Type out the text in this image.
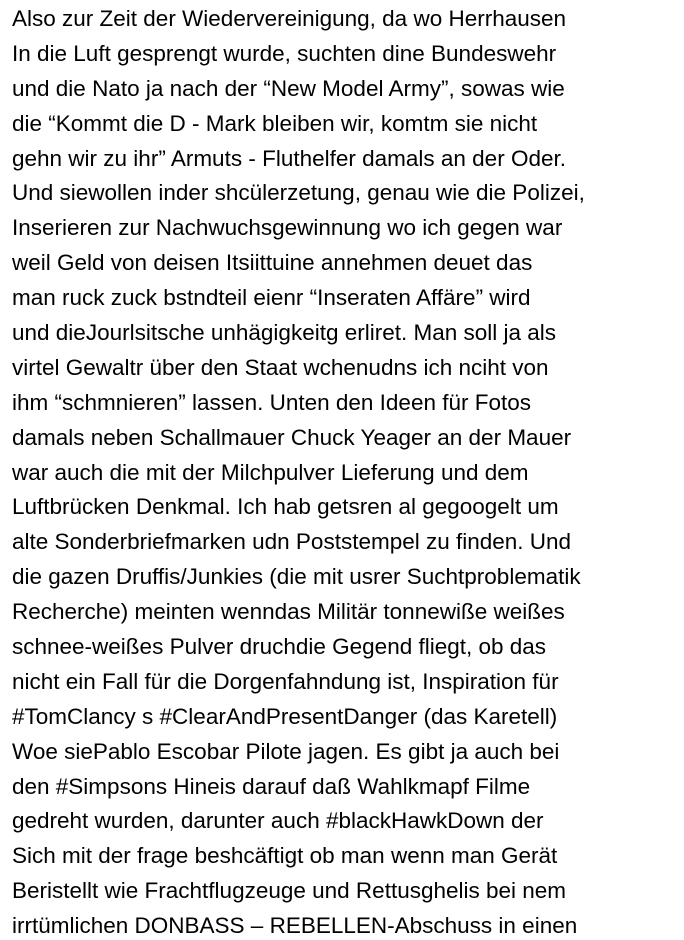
Also zur Zeit der Wiedervereinigung, da wo Herrhausen
In die Luft gesprengt wurde, suchten dine Bundeswehr
und die Nato ja nach der “New Model Army”, sowas wie
die “Kommt die D - Mark bleiben wir, komtm sie nicht
gehn wir zu ihr” Armuts - Fluthelfer damals an der Oder.
Und siewollen inder shcülerzetung, genau wie die Polizei,
Inserieren zur Nachwuchsgewinnung wo ich gegen war
weil Geld von deisen Itsiittuine annehmen deuet das
man ruck zuck bstndteil eienr “Inseraten Affäre” wird
und dieJourlsitsche unhägigkeitg erliret. Man soll ja als
virtel Gewaltr über den Staat wchenudns ich nciht von
ihm “schmnieren” lassen. Unten den Ideen für Fotos
damals neben Schallmauer Chuck Yeager an der Mauer
war auch die mit der Milchpulver Lieferung und dem
Luftbrücken Denkmal. Ich hab getsren al gegoogelt um
alte Sonderbriefmarken udn Poststempel zu finden. Und
die gazen Druffis/Junkies (die mit usrer Suchtproblematik
Recherche) meinten wenndas Militär tonnewiße weißes
schnee-weißes Pulver druchdie Gegend fliegt, ob das
nicht ein Fall für die Dorgenfahndung ist, Inspiration für
#TomClancy s #ClearAndPresentDanger (das Karetell)
Woe siePablo Escobar Pilote jagen. Es gibt ja auch bei
den #Simpsons Hineis darauf daß Wahlkmapf Filme
gedreht wurden, darunter auch #blackHawkDown der
Sich mit der frage beshcäftigt ob man wenn man Gerät
Beristellt wie Frachtflugzeuge und Rettusghelis bei nem
irrtümlichen DONBASS – REBELLEN-Abschuss in einen
